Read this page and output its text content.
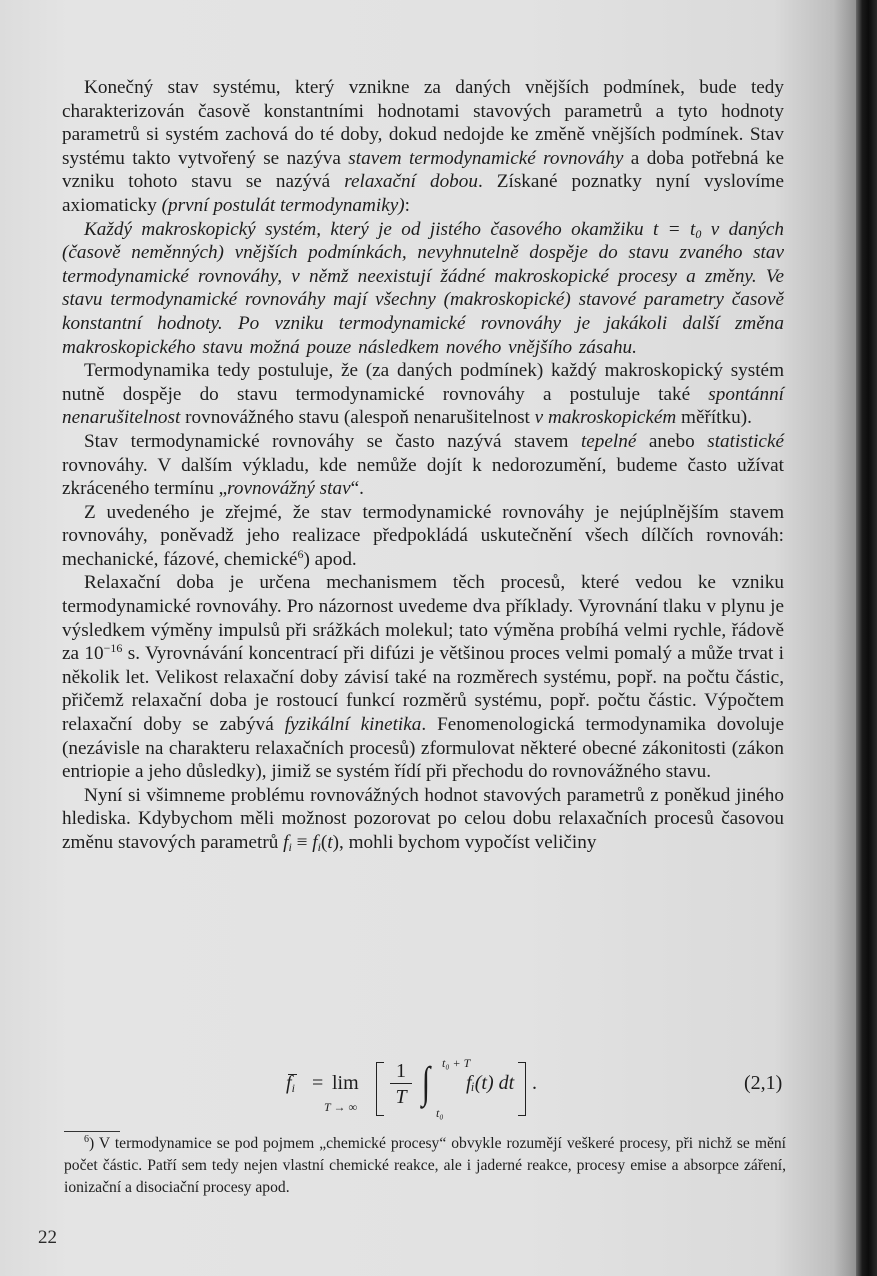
Konečný stav systému, který vznikne za daných vnějších podmínek, bude tedy charakterizován časově konstantními hodnotami stavových parametrů a tyto hodnoty parametrů si systém zachová do té doby, dokud nedojde ke změně vnějších podmínek. Stav systému takto vytvořený se nazýva stavem termodynamické rovnováhy a doba potřebná ke vzniku tohoto stavu se nazývá relaxační dobou. Získané poznatky nyní vyslovíme axiomaticky (první postulát termodynamiky):

Každý makroskopický systém, který je od jistého časového okamžiku $t = t_0$ v daných (časově neměnných) vnějších podmínkách, nevyhnutelně dospěje do stavu zvaného stav termodynamické rovnováhy, v němž neexistují žádné makroskopické procesy a změny. Ve stavu termodynamické rovnováhy mají všechny (makroskopické) stavové parametry časově konstantní hodnoty. Po vzniku termodynamické rovnováhy je jakákoli další změna makroskopického stavu možná pouze následkem nového vnějšího zásahu.

Termodynamika tedy postuluje, že (za daných podmínek) každý makroskopický systém nutně dospěje do stavu termodynamické rovnováhy a postuluje také spontánní nenarušitelnost rovnovážného stavu (alespoň nenarušitelnost v makroskopickém měřítku).

Stav termodynamické rovnováhy se často nazývá stavem tepelné anebo statistické rovnováhy. V dalším výkladu, kde nemůže dojít k nedorozumění, budeme často užívat zkráceného termínu „rovnovážný stav“.

Z uvedeného je zřejmé, že stav termodynamické rovnováhy je nejúplnějším stavem rovnováhy, poněvadž jeho realizace předpokládá uskutečnění všech dílčích rovnováh: mechanické, fázové, chemické$^6$) apod.

Relaxační doba je určena mechanismem těch procesů, které vedou ke vzniku termodynamické rovnováhy. Pro názornost uvedeme dva příklady. Vyrovnání tlaku v plynu je výsledkem výměny impulsů při srážkách molekul; tato výměna probíhá velmi rychle, řádově za $10^{-16}$ s. Vyrovnávání koncentrací při difúzi je většinou proces velmi pomalý a může trvat i několik let. Velikost relaxační doby závisí také na rozměrech systému, popř. na počtu částic, přičemž relaxační doba je rostoucí funkcí rozměrů systému, popř. počtu částic. Výpočtem relaxační doby se zabývá fyzikální kinetika. Fenomenologická termodynamika dovoluje (nezávisle na charakteru relaxačních procesů) zformulovat některé obecné zákonitosti (zákon entriopie a jeho důsledky), jimiž se systém řídí při přechodu do rovnovážného stavu.

Nyní si všimneme problému rovnovážných hodnot stavových parametrů z poněkud jiného hlediska. Kdybychom měli možnost pozorovat po celou dobu relaxačních procesů časovou změnu stavových parametrů $f_i \equiv f_i(t)$, mohli bychom vypočíst veličiny

$f_i = \lim$
T → ∞
1
T ∫ t₀ + T
t₀
fᵢ(t) dt .	(2,1)

$^6$) V termodynamice se pod pojmem „chemické procesy“ obvykle rozumějí veškeré procesy, při nichž se mění počet částic. Patří sem tedy nejen vlastní chemické reakce, ale i jaderné reakce, procesy emise a absorpce záření, ionizační a disociační procesy apod.

22
